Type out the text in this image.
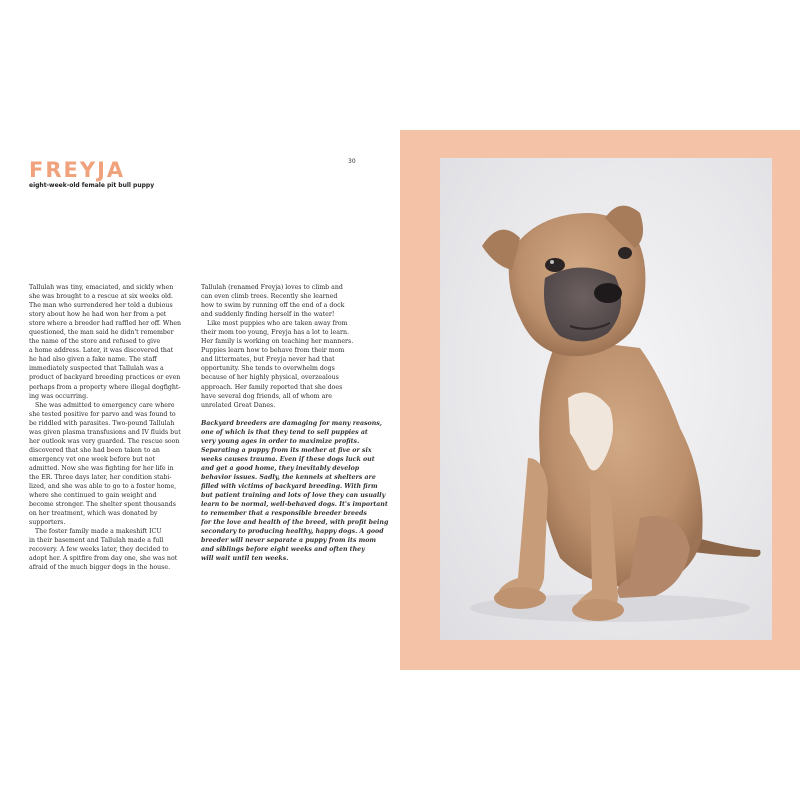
FREYJA	30
eight-week-old female pit bull puppy
Tallulah was tiny, emaciated, and sickly when
she was brought to a rescue at six weeks old.
The man who surrendered her told a dubious
story about how he had won her from a pet
store where a breeder had raffled her off. When
questioned, the man said he didn't remember
the name of the store and refused to give
a home address. Later, it was discovered that
he had also given a fake name. The staff
immediately suspected that Tallulah was a
product of backyard breeding practices or even
perhaps from a property where illegal dogfight-
ing was occurring.
She was admitted to emergency care where
she tested positive for parvo and was found to
be riddled with parasites. Two-pound Tallulah
was given plasma transfusions and IV fluids but
her outlook was very guarded. The rescue soon
discovered that she had been taken to an
emergency vet one week before but not
admitted. Now she was fighting for her life in
the ER. Three days later, her condition stabi-
lized, and she was able to go to a foster home,
where she continued to gain weight and
become stronger. The shelter spent thousands
on her treatment, which was donated by
supporters.
The foster family made a makeshift ICU
in their basement and Tallulah made a full
recovery. A few weeks later, they decided to
adopt her. A spitfire from day one, she was not
afraid of the much bigger dogs in the house.
Tallulah (renamed Freyja) loves to climb and
can even climb trees. Recently she learned
how to swim by running off the end of a dock
and suddenly finding herself in the water!
Like most puppies who are taken away from
their mom too young, Freyja has a lot to learn.
Her family is working on teaching her manners.
Puppies learn how to behave from their mom
and littermates, but Freyja never had that
opportunity. She tends to overwhelm dogs
because of her highly physical, overzealous
approach. Her family reported that she does
have several dog friends, all of whom are
unrelated Great Danes.

Backyard breeders are damaging for many reasons,
one of which is that they tend to sell puppies at
very young ages in order to maximize profits.
Separating a puppy from its mother at five or six
weeks causes trauma. Even if these dogs luck out
and get a good home, they inevitably develop
behavior issues. Sadly, the kennels at shelters are
filled with victims of backyard breeding. With firm
but patient training and lots of love they can usually
learn to be normal, well-behaved dogs. It's important
to remember that a responsible breeder breeds
for the love and health of the breed, with profit being
secondary to producing healthy, happy dogs. A good
breeder will never separate a puppy from its mom
and siblings before eight weeks and often they
will wait until ten weeks.
